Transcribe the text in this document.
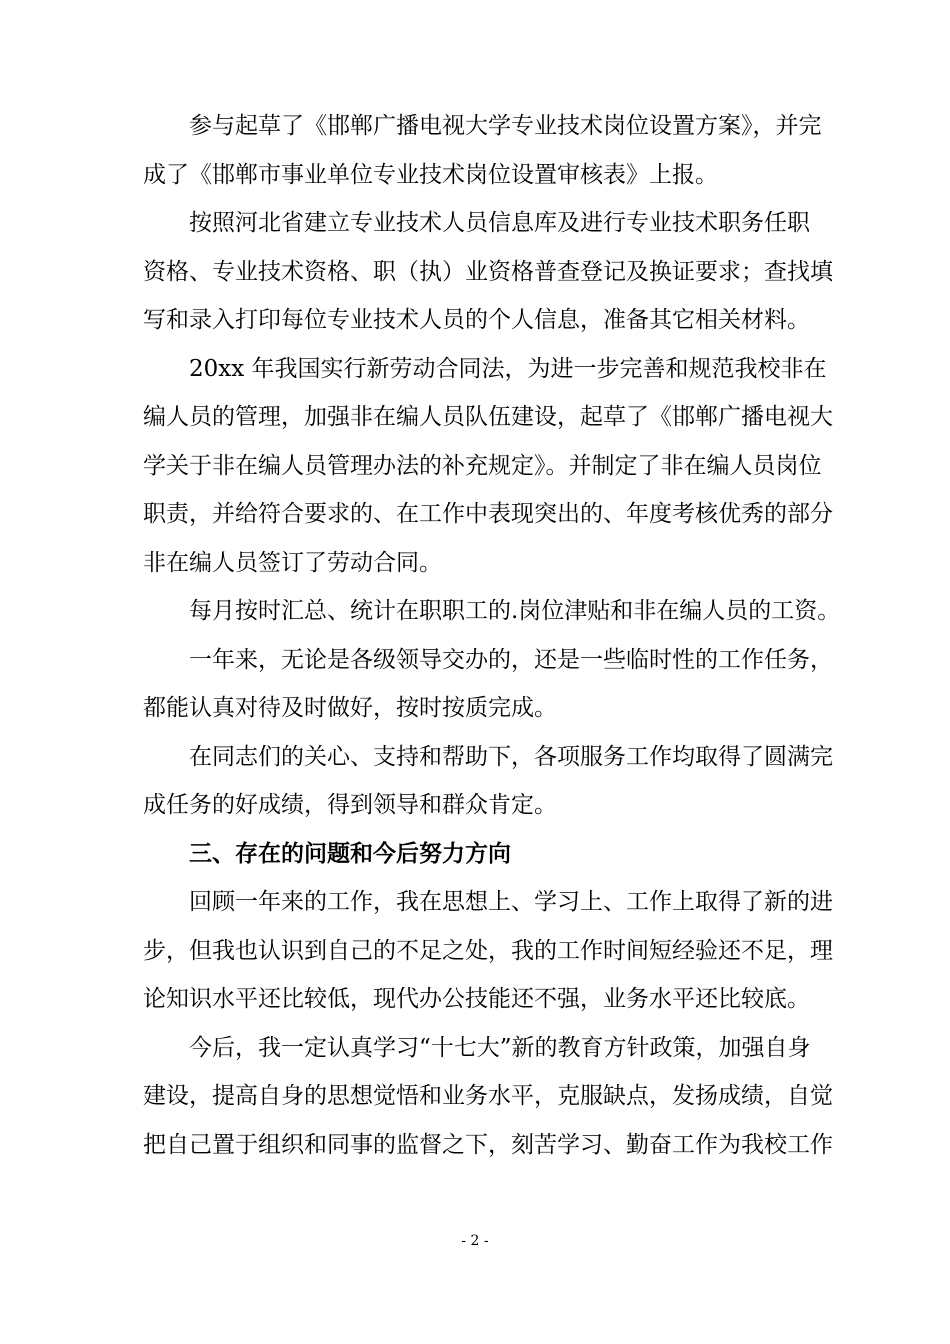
参与起草了《邯郸广播电视大学专业技术岗位设置方案》，并完
成了《邯郸市事业单位专业技术岗位设置审核表》上报。

按照河北省建立专业技术人员信息库及进行专业技术职务任职
资格、专业技术资格、职（执）业资格普查登记及换证要求；查找填
写和录入打印每位专业技术人员的个人信息，准备其它相关材料。

20xx 年我国实行新劳动合同法，为进一步完善和规范我校非在
编人员的管理，加强非在编人员队伍建设，起草了《邯郸广播电视大
学关于非在编人员管理办法的补充规定》。并制定了非在编人员岗位
职责，并给符合要求的、在工作中表现突出的、年度考核优秀的部分
非在编人员签订了劳动合同。

每月按时汇总、统计在职职工的.岗位津贴和非在编人员的工资。

一年来，无论是各级领导交办的，还是一些临时性的工作任务，
都能认真对待及时做好，按时按质完成。

在同志们的关心、支持和帮助下，各项服务工作均取得了圆满完
成任务的好成绩，得到领导和群众肯定。

三、存在的问题和今后努力方向

回顾一年来的工作，我在思想上、学习上、工作上取得了新的进
步，但我也认识到自己的不足之处，我的工作时间短经验还不足，理
论知识水平还比较低，现代办公技能还不强，业务水平还比较底。

今后，我一定认真学习“十七大”新的教育方针政策，加强自身
建设，提高自身的思想觉悟和业务水平，克服缺点，发扬成绩，自觉
把自己置于组织和同事的监督之下，刻苦学习、勤奋工作为我校工作

- 2 -
